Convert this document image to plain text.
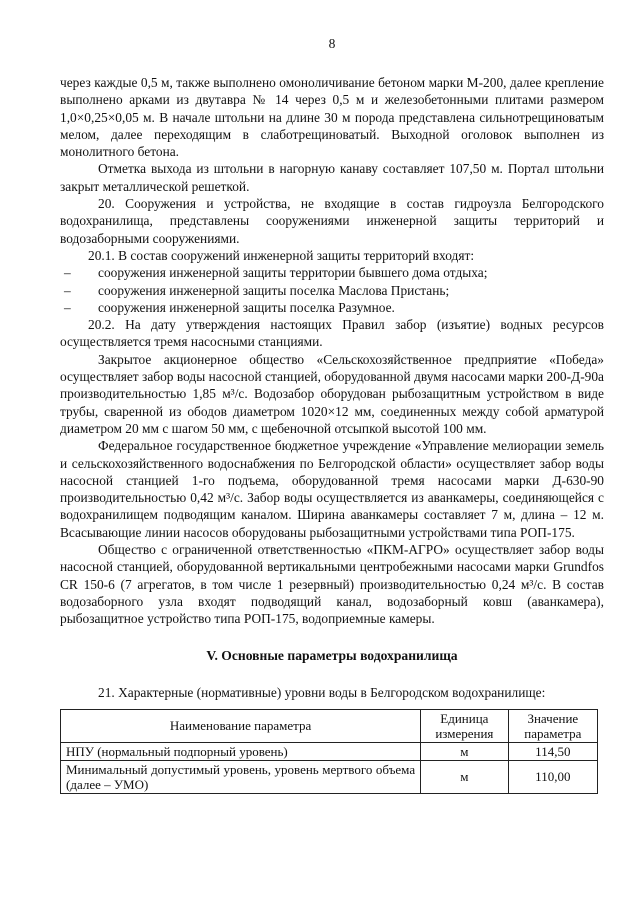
8

через каждые 0,5 м, также выполнено омоноличивание бетоном марки М-200, далее крепление выполнено арками из двутавра № 14 через 0,5 м и железобетонными плитами размером 1,0×0,25×0,05 м. В начале штольни на длине 30 м порода представлена сильнотрещиноватым мелом, далее переходящим в слаботрещиноватый. Выходной оголовок выполнен из монолитного бетона.

Отметка выхода из штольни в нагорную канаву составляет 107,50 м. Портал штольни закрыт металлической решеткой.

20. Сооружения и устройства, не входящие в состав гидроузла Белгородского водохранилища, представлены сооружениями инженерной защиты территорий и водозаборными сооружениями.

20.1. В состав сооружений инженерной защиты территорий входят:

–	сооружения инженерной защиты территории бывшего дома отдыха;
–	сооружения инженерной защиты поселка Маслова Пристань;
–	сооружения инженерной защиты поселка Разумное.

20.2. На дату утверждения настоящих Правил забор (изъятие) водных ресурсов осуществляется тремя насосными станциями.

Закрытое акционерное общество «Сельскохозяйственное предприятие «Победа» осуществляет забор воды насосной станцией, оборудованной двумя насосами марки 200-Д-90а производительностью 1,85 м³/с. Водозабор оборудован рыбозащитным устройством в виде трубы, сваренной из ободов диаметром 1020×12 мм, соединенных между собой арматурой диаметром 20 мм с шагом 50 мм, с щебеночной отсыпкой высотой 100 мм.

Федеральное государственное бюджетное учреждение «Управление мелиорации земель и сельскохозяйственного водоснабжения по Белгородской области» осуществляет забор воды насосной станцией 1-го подъема, оборудованной тремя насосами марки Д-630-90 производительностью 0,42 м³/с. Забор воды осуществляется из аванкамеры, соединяющейся с водохранилищем подводящим каналом. Ширина аванкамеры составляет 7 м, длина – 12 м. Всасывающие линии насосов оборудованы рыбозащитными устройствами типа РОП-175.

Общество с ограниченной ответственностью «ПКМ-АГРО» осуществляет забор воды насосной станцией, оборудованной вертикальными центробежными насосами марки Grundfos CR 150-6 (7 агрегатов, в том числе 1 резервный) производительностью 0,24 м³/с. В состав водозаборного узла входят подводящий канал, водозаборный ковш (аванкамера), рыбозащитное устройство типа РОП-175, водоприемные камеры.

V. Основные параметры водохранилища

21. Характерные (нормативные) уровни воды в Белгородском водохранилище:

Наименование параметра	Единица измерения	Значение параметра
НПУ (нормальный подпорный уровень)	м	114,50
Минимальный допустимый уровень, уровень мертвого объема (далее – УМО)	м	110,00
